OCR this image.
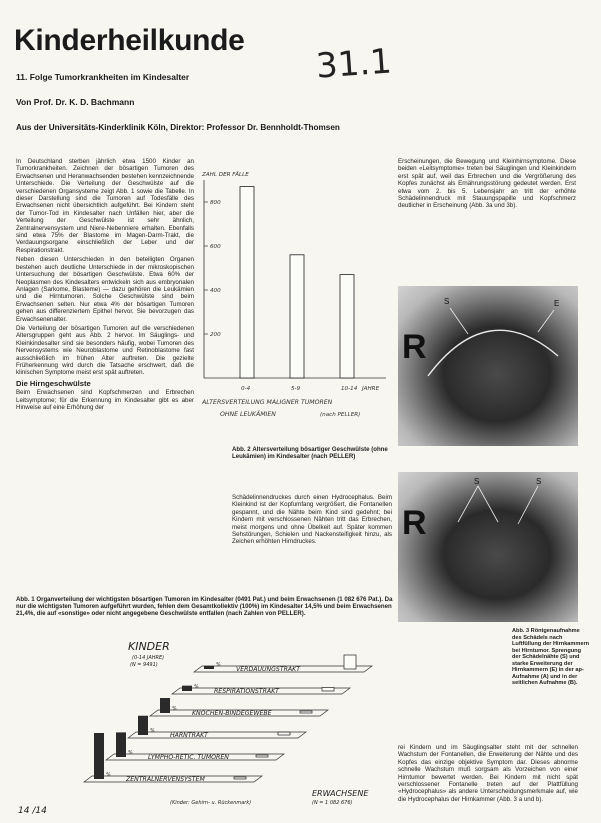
Kinderheilkunde
31.1
11. Folge Tumorkrankheiten im Kindesalter
Von Prof. Dr. K. D. Bachmann
Aus der Universitäts-Kinderklinik Köln, Direktor: Professor Dr. Bennholdt-Thomsen

In Deutschland sterben jährlich etwa 1500 Kinder an Tumorkrankheiten. Zeichnen der bösartigen Tumoren des Erwachsenen und Heranwachsenden bestehen kennzeichnende Unterschiede. Die Verteilung der Geschwülste auf die verschiedenen Organsysteme zeigt Abb. 1 sowie die Tabelle. In dieser Darstellung sind die Tumoren auf Todesfälle des Erwachsenen nicht übersichtlich aufgeführt. Bei Kindern steht der Tumor-Tod im Kindesalter nach Unfällen hier, aber die Verteilung der Geschwülste ist sehr ähnlich, Zentralnervensystem und Niere-Nebenniere erhalten. Ebenfalls sind etwa 75% der Blastome im Magen-Darm-Trakt, die Verdauungsorgane einschließlich der Leber und der Respirationstrakt.

Neben diesen Unterschieden in den beteiligten Organen bestehen auch deutliche Unterschiede in der mikroskopischen Untersuchung der bösartigen Geschwülste. Etwa 60% der Neoplasmen des Kindesalters entwickeln sich aus embryonalen Anlagen (Sarkome, Blasteme) — dazu gehören die Leukämien und die Hirntumoren. Solche Geschwülste sind beim Erwachsenen selten. Nur etwa 4% der bösartigen Tumoren gehen aus differenziertem Epithel hervor. Sie bevorzugen das Erwachsenenalter.

Die Verteilung der bösartigen Tumoren auf die verschiedenen Altersgruppen geht aus Abb. 2 hervor. Im Säuglings- und Kleinkindesalter sind sie besonders häufig, wobei Tumoren des Nervensystems wie Neuroblastome und Retinoblastome fast ausschließlich im frühen Alter auftreten. Die gezielte Früherkennung wird durch die Tatsache erschwert, daß die klinischen Symptome meist erst spät auftreten.

Die Hirngeschwülste

Beim Erwachsenen sind Kopfschmerzen und Erbrechen Leitsymptome; für die Erkennung im Kindesalter gibt es aber Hinweise auf eine Erhöhung der

ZAHL DER FÄLLE
200
400
600
800
0-4	5-9	10-14 JAHRE
ALTERSVERTEILUNG MALIGNER TUMOREN
OHNE LEUKÄMIEN	(nach PELLER)
Abb. 2 Altersverteilung bösartiger Geschwülste (ohne Leukämien) im Kindesalter (nach PELLER)

Schädelinnendruckes durch einen Hydrocephalus. Beim Kleinkind ist der Kopfumfang vergrößert, die Fontanellen gespannt, und die Nähte beim Kind sind gedehnt; bei Kindern mit verschlossenen Nähten tritt das Erbrechen, meist morgens und ohne Übelkeit auf. Später kommen Sehstörungen, Schielen und Nackensteifigkeit hinzu, als Zeichen erhöhten Hirndruckes.

Erscheinungen, die Bewegung und Kleinhirnsymptome. Diese beiden «Leitsymptome» treten bei Säuglingen und Kleinkindern erst spät auf, weil das Erbrechen und die Vergrößerung des Kopfes zunächst als Ernährungsstörung gedeutet werden. Erst etwa vom 2. bis 5. Lebensjahr an tritt der erhöhte Schädelinnendruck mit Stauungspapille und Kopfschmerz deutlicher in Erscheinung (Abb. 3a und 3b).

R
S	E
R
S	S
Abb. 3 Röntgenaufnahme des Schädels nach Luftfüllung der Hirnkammern bei Hirntumor. Sprengung der Schädelnähte (S) und starke Erweiterung der Hirnkammern (E) in der ap-Aufnahme (A) und in der seitlichen Aufnahme (B).
Abb. 1 Organverteilung der wichtigsten bösartigen Tumoren im Kindesalter (0491 Pat.) und beim Erwachsenen (1 082 676 Pat.). Da nur die wichtigsten Tumoren aufgeführt wurden, fehlen dem Gesamtkollektiv (100%) im Kindesalter 14,5% und beim Erwachsenen 21,4%, die auf «sonstige» oder nicht angegebene Geschwülste entfallen (nach Zahlen von PELLER).
ZENTRALNERVENSYSTEM
%
LYMPHO-RETIC. TUMOREN
%
HARNTRAKT
%
KNOCHEN-BINDEGEWEBE
%
RESPIRATIONSTRAKT
%
VERDAUUNGSTRAKT
%
KINDER
(0-14 JAHRE)
(N = 9491)
ERWACHSENE
(N = 1 082 676)
(Kinder: Gehirn- u. Rückenmark)

rei Kindern und im Säuglingsalter steht mit der schnellen Wachstum der Fontanellen, die Erweiterung der Nähte und des Kopfes das einzige objektive Symptom dar. Dieses abnorme schnelle Wachstum muß sorgsam als Vorzeichen von einer Hirntumor bewertet werden. Bei Kindern mit nicht spät verschlossener Fontanelle treten auf der Plattfüllung «Hydrocephalus» als andere Unterscheidungsmerkmale auf, wie die Hydrocephalus der Hirnkammer (Abb. 3 a und b).

14 /14
